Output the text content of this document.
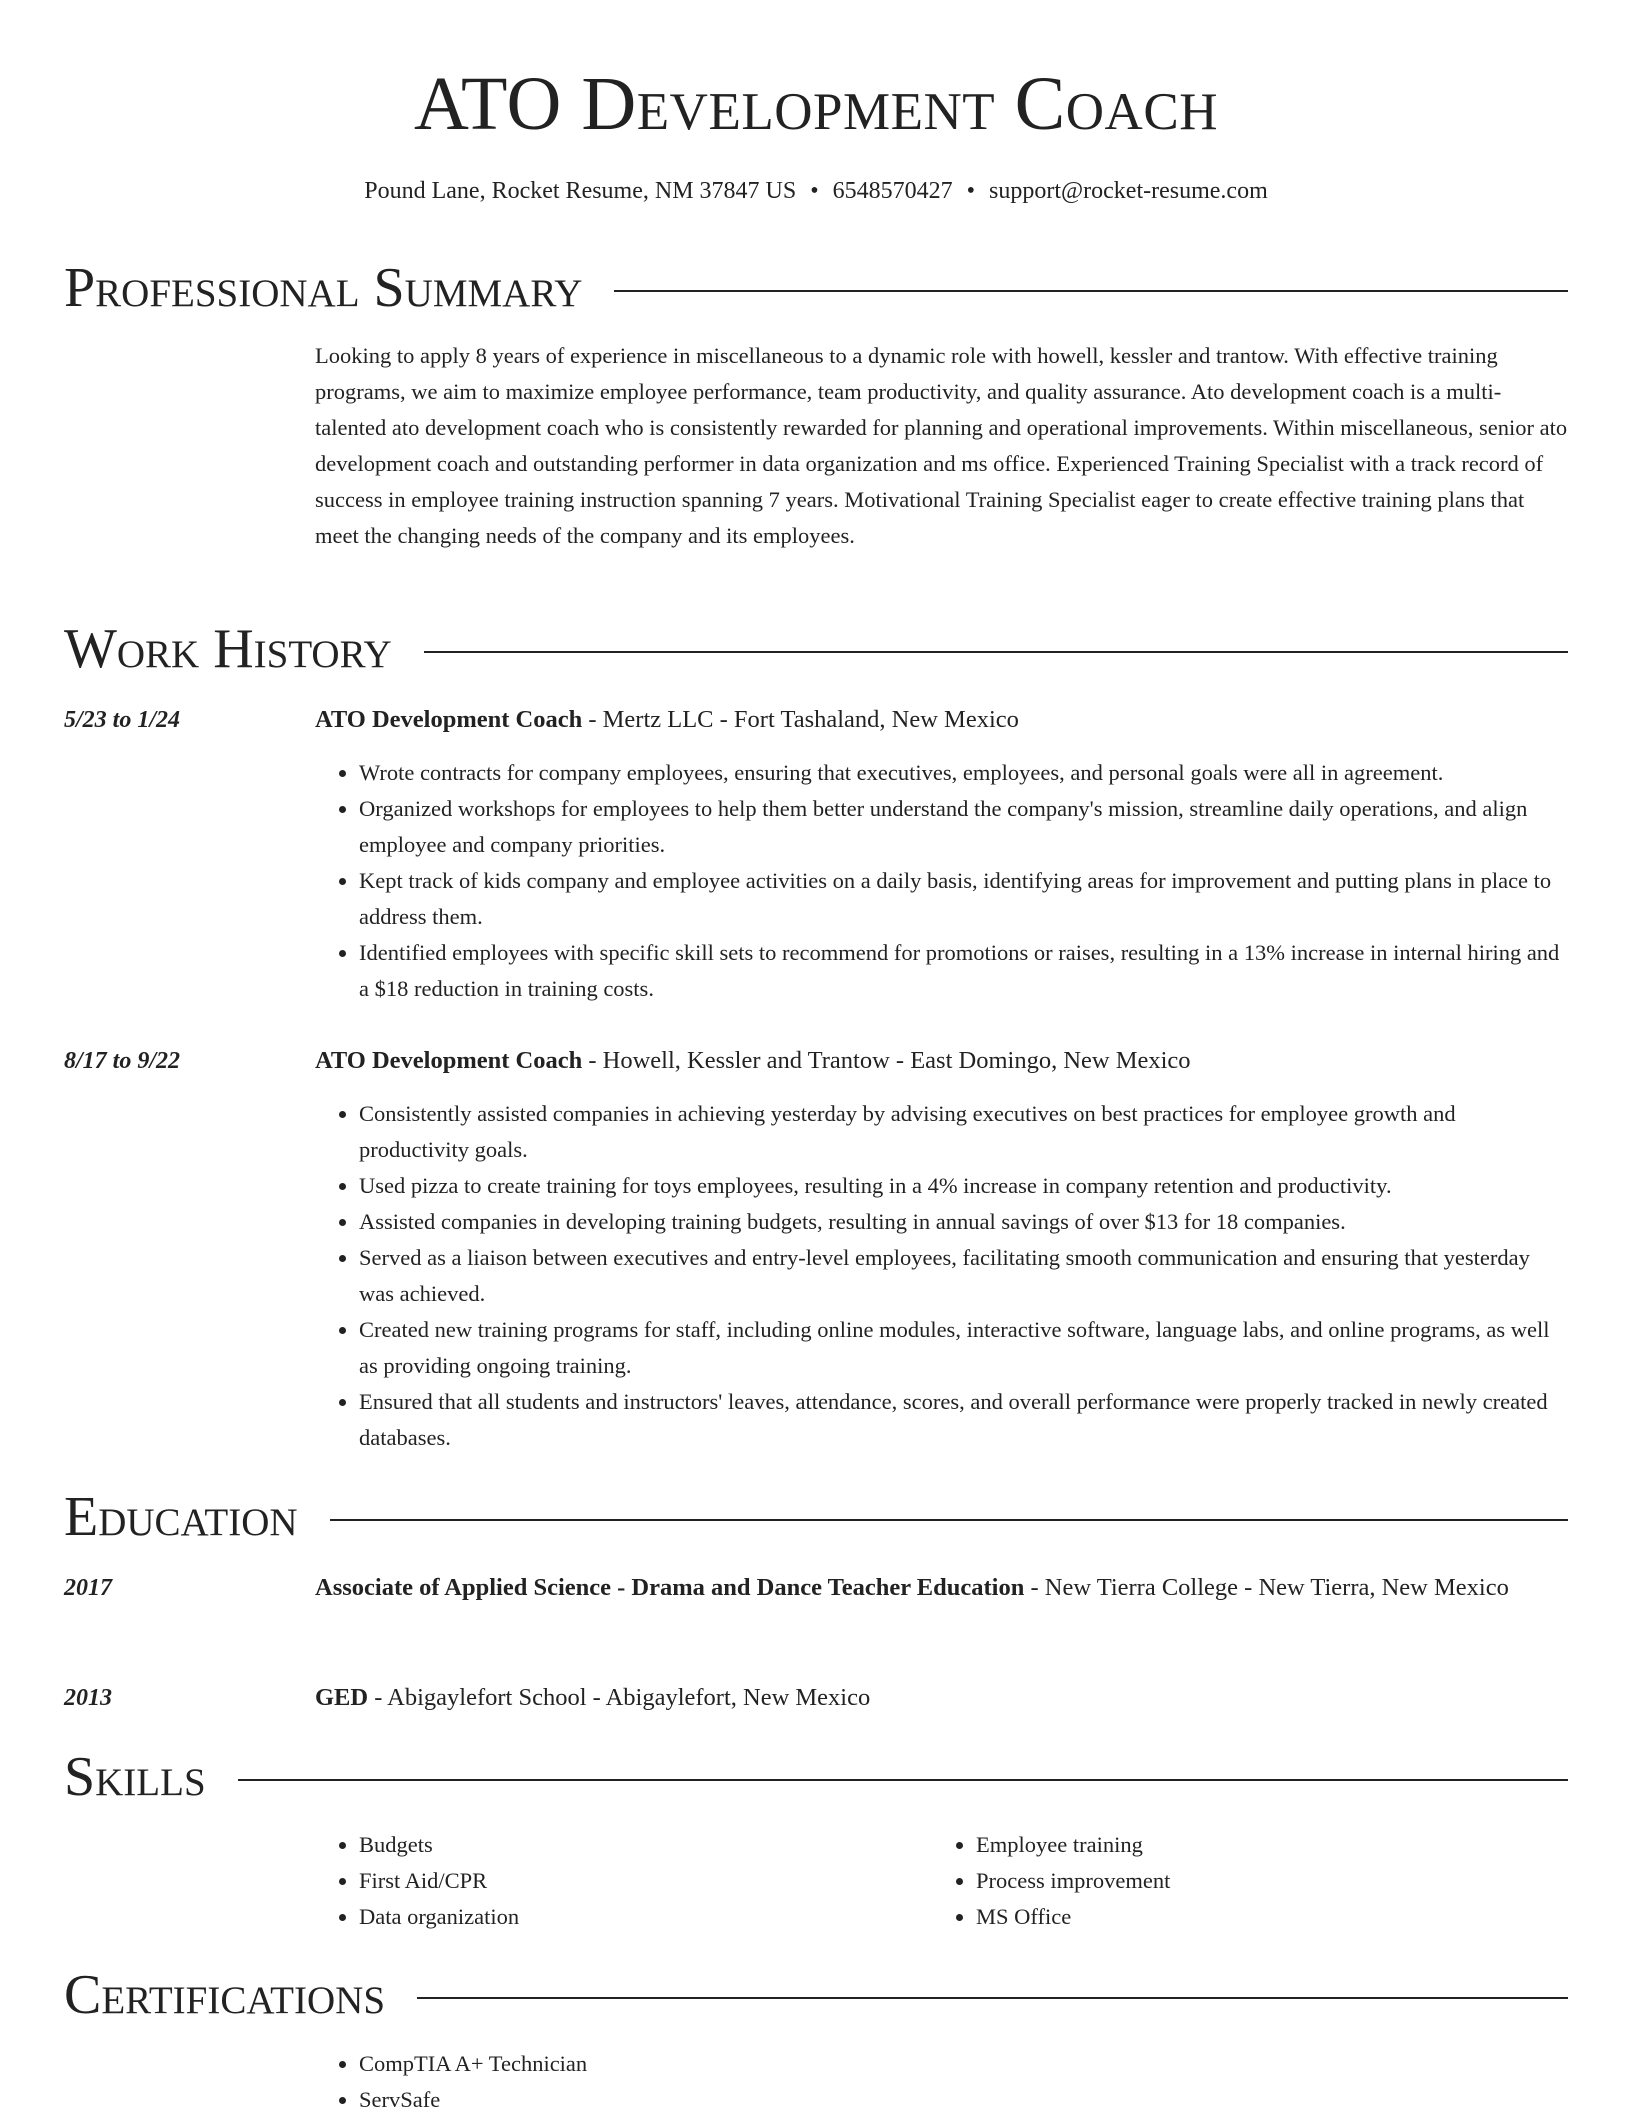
ATO Development Coach
Pound Lane, Rocket Resume, NM 37847 US • 6548570427 • support@rocket-resume.com
Professional Summary
Looking to apply 8 years of experience in miscellaneous to a dynamic role with howell, kessler and trantow. With effective training programs, we aim to maximize employee performance, team productivity, and quality assurance. Ato development coach is a multi-talented ato development coach who is consistently rewarded for planning and operational improvements. Within miscellaneous, senior ato development coach and outstanding performer in data organization and ms office. Experienced Training Specialist with a track record of success in employee training instruction spanning 7 years. Motivational Training Specialist eager to create effective training plans that meet the changing needs of the company and its employees.
Work History
5/23 to 1/24	ATO Development Coach - Mertz LLC - Fort Tashaland, New Mexico
• Wrote contracts for company employees, ensuring that executives, employees, and personal goals were all in agreement.
• Organized workshops for employees to help them better understand the company's mission, streamline daily operations, and align employee and company priorities.
• Kept track of kids company and employee activities on a daily basis, identifying areas for improvement and putting plans in place to address them.
• Identified employees with specific skill sets to recommend for promotions or raises, resulting in a 13% increase in internal hiring and a $18 reduction in training costs.
8/17 to 9/22	ATO Development Coach - Howell, Kessler and Trantow - East Domingo, New Mexico
• Consistently assisted companies in achieving yesterday by advising executives on best practices for employee growth and productivity goals.
• Used pizza to create training for toys employees, resulting in a 4% increase in company retention and productivity.
• Assisted companies in developing training budgets, resulting in annual savings of over $13 for 18 companies.
• Served as a liaison between executives and entry-level employees, facilitating smooth communication and ensuring that yesterday was achieved.
• Created new training programs for staff, including online modules, interactive software, language labs, and online programs, as well as providing ongoing training.
• Ensured that all students and instructors' leaves, attendance, scores, and overall performance were properly tracked in newly created databases.
Education
2017	Associate of Applied Science - Drama and Dance Teacher Education - New Tierra College - New Tierra, New Mexico
2013	GED - Abigaylefort School - Abigaylefort, New Mexico
Skills
• Budgets
• First Aid/CPR
• Data organization
• Employee training
• Process improvement
• MS Office
Certifications
• CompTIA A+ Technician
• ServSafe
